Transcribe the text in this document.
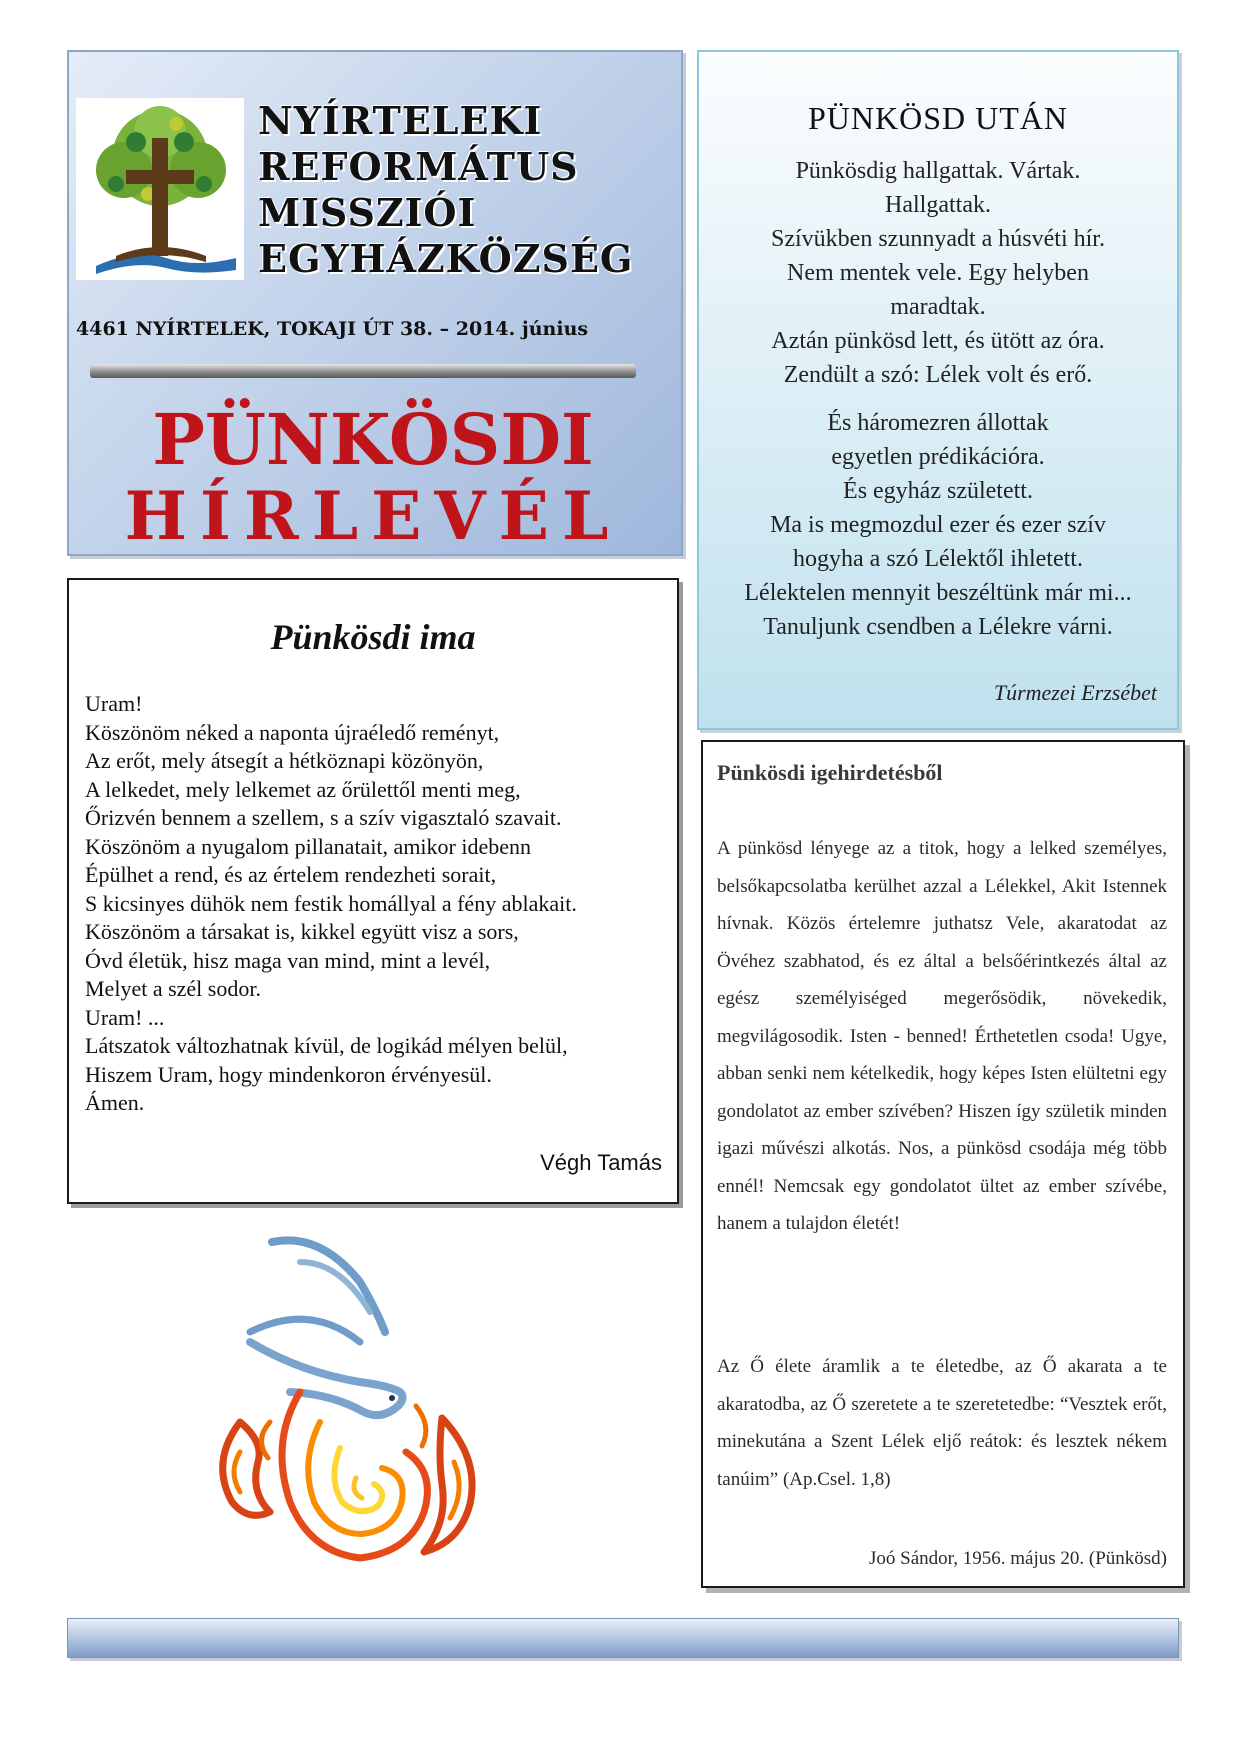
NYÍRTELEKI
REFORMÁTUS
MISSZIÓI
EGYHÁZKÖZSÉG
4461 NYÍRTELEK, TOKAJI ÚT 38. – 2014. június
PÜNKÖSDI
HÍRLEVÉL
PÜNKÖSD UTÁN
Pünkösdig hallgattak. Vártak.
Hallgattak.
Szívükben szunnyadt a húsvéti hír.
Nem mentek vele. Egy helyben
maradtak.
Aztán pünkösd lett, és ütött az óra.
Zendült a szó: Lélek volt és erő.
És háromezren állottak
egyetlen prédikációra.
És egyház született.
Ma is megmozdul ezer és ezer szív
hogyha a szó Lélektől ihletett.
Lélektelen mennyit beszéltünk már mi...
Tanuljunk csendben a Lélekre várni.
Túrmezei Erzsébet
Pünkösdi ima
Uram!
Köszönöm néked a naponta újraéledő reményt,
Az erőt, mely átsegít a hétköznapi közönyön,
A lelkedet, mely lelkemet az őrülettől menti meg,
Őrizvén bennem a szellem, s a szív vigasztaló szavait.
Köszönöm a nyugalom pillanatait, amikor idebenn
Épülhet a rend, és az értelem rendezheti sorait,
S kicsinyes dühök nem festik homállyal a fény ablakait.
Köszönöm a társakat is, kikkel együtt visz a sors,
Óvd életük, hisz maga van mind, mint a levél,
Melyet a szél sodor.
Uram! ...
Látszatok változhatnak kívül, de logikád mélyen belül,
Hiszem Uram, hogy mindenkoron érvényesül.
Ámen.
Végh Tamás
Pünkösdi igehirdetésből
A pünkösd lényege az a titok, hogy a lelked személyes, belsőkapcsolatba kerülhet azzal a Lélekkel, Akit Istennek hívnak. Közös értelemre juthatsz Vele, akaratodat az Övéhez szabhatod, és ez által a belsőérintkezés által az egész személyiséged megerősödik, növekedik, megvilágosodik. Isten - benned! Érthetetlen csoda! Ugye, abban senki nem kételkedik, hogy képes Isten elültetni egy gondolatot az ember szívében? Hiszen így születik minden igazi művészi alkotás. Nos, a pünkösd csodája még több ennél! Nemcsak egy gondolatot ültet az ember szívébe, hanem a tulajdon életét!
Az Ő élete áramlik a te életedbe, az Ő akarata a te akaratodba, az Ő szeretete a te szeretetedbe: “Vesztek erőt, minekutána a Szent Lélek eljő reátok: és lesztek nékem tanúim” (Ap.Csel. 1,8)
Joó Sándor, 1956. május 20. (Pünkösd)
